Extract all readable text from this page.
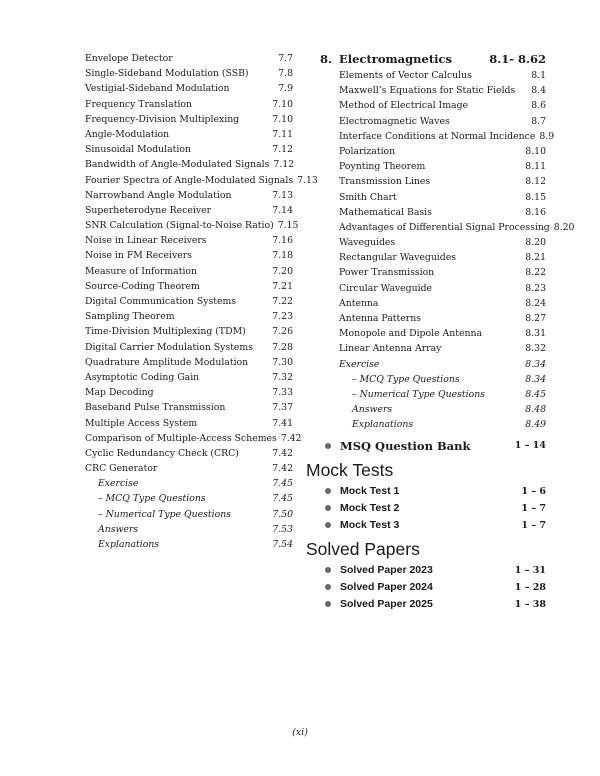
Envelope Detector	7.7
Single-Sideband Modulation (SSB)	7.8
Vestigial-Sideband Modulation	7.9
Frequency Translation	7.10
Frequency-Division Multiplexing	7.10
Angle-Modulation	7.11
Sinusoidal Modulation	7.12
Bandwidth of Angle-Modulated Signals 7.12
Fourier Spectra of Angle-Modulated Signals 7.13
Narrowband Angle Modulation	7.13
Superheterodyne Receiver	7.14
SNR Calculation (Signal-to-Noise Ratio) 7.15
Noise in Linear Receivers	7.16
Noise in FM Receivers	7.18
Measure of Information	7.20
Source-Coding Theorem	7.21
Digital Communication Systems	7.22
Sampling Theorem	7.23
Time-Division Multiplexing (TDM)	7.26
Digital Carrier Modulation Systems	7.28
Quadrature Amplitude Modulation	7.30
Asymptotic Coding Gain	7.32
Map Decoding	7.33
Baseband Pulse Transmission	7.37
Multiple Access System	7.41
Comparison of Multiple-Access Schemes 7.42
Cyclic Redundancy Check (CRC)	7.42
CRC Generator	7.42
Exercise	7.45
– MCQ Type Questions	7.45
– Numerical Type Questions	7.50
Answers	7.53
Explanations	7.54
8. Electromagnetics	8.1- 8.62
Elements of Vector Calculus	8.1
Maxwell’s Equations for Static Fields	8.4
Method of Electrical Image	8.6
Electromagnetic Waves	8.7
Interface Conditions at Normal Incidence 8.9
Polarization	8.10
Poynting Theorem	8.11
Transmission Lines	8.12
Smith Chart	8.15
Mathematical Basis	8.16
Advantages of Differential Signal Processing 8.20
Waveguides	8.20
Rectangular Waveguides	8.21
Power Transmission	8.22
Circular Waveguide	8.23
Antenna	8.24
Antenna Patterns	8.27
Monopole and Dipole Antenna	8.31
Linear Antenna Array	8.32
Exercise	8.34
– MCQ Type Questions	8.34
– Numerical Type Questions	8.45
Answers	8.48
Explanations	8.49
MSQ Question Bank	1 – 14
Mock Tests
Mock Test 1	1 – 6
Mock Test 2	1 – 7
Mock Test 3	1 – 7
Solved Papers
Solved Paper 2023	1 – 31
Solved Paper 2024	1 – 28
Solved Paper 2025	1 – 38
(xi)
